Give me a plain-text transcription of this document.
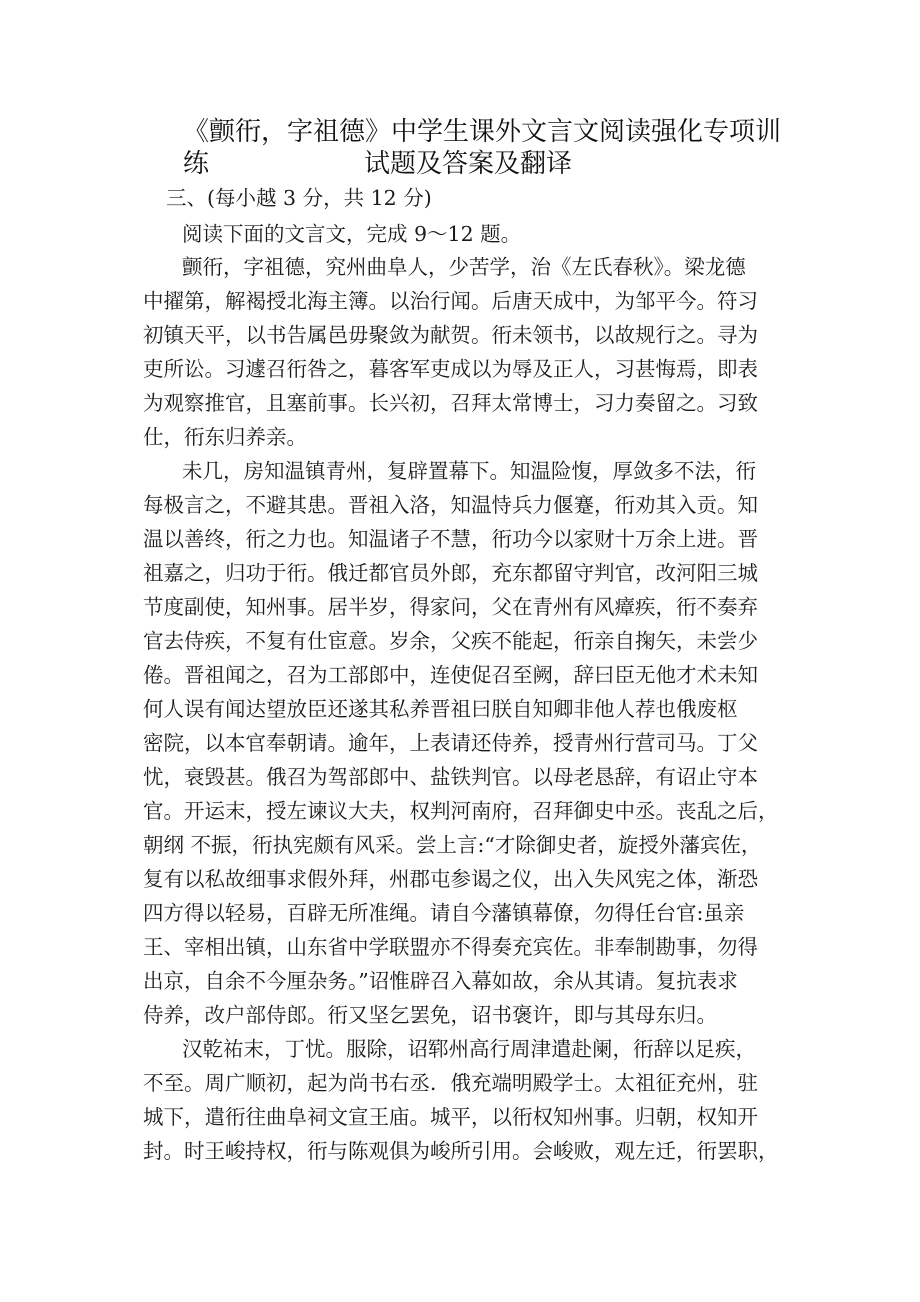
《颤衎，字祖德》中学生课外文言文阅读强化专项训练	试题及答案及翻译
三、(每小越 3 分，共 12 分)
阅读下面的文言文，完成 9～12 题。
颤衎，字祖德，究州曲阜人，少苦学，治《左氏春秋》。梁龙德
中擢第，解褐授北海主簿。以治行闻。后唐天成中，为邹平今。符习
初镇天平，以书告属邑毋聚敛为献贺。衎未领书，以故规行之。寻为
吏所讼。习遽召衎咎之，暮客军吏成以为辱及正人，习甚悔焉，即表
为观察推官，且塞前事。长兴初，召拜太常博士，习力奏留之。习致
仕，衎东归养亲。
未几，房知温镇青州，复辟置幕下。知温险愎，厚敛多不法，衎
每极言之，不避其患。晋祖入洛，知温恃兵力偃蹇，衎劝其入贡。知
温以善终，衎之力也。知温诸子不慧，衎功今以家财十万余上进。晋
祖嘉之，归功于衎。俄迁都官员外郎，充东都留守判官，改河阳三城
节度副使，知州事。居半岁，得家问，父在青州有风瘴疾，衎不奏弃
官去侍疾，不复有仕宦意。岁余，父疾不能起，衎亲自掬矢，未尝少
倦。晋祖闻之，召为工部郎中，连使促召至阙，辞曰臣无他才术未知
何人误有闻达望放臣还遂其私养晋祖曰朕自知卿非他人荐也俄废枢
密院，以本官奉朝请。逾年，上表请还侍养，授青州行营司马。丁父
忧，衰毁甚。俄召为驾部郎中、盐铁判官。以母老恳辞，有诏止守本
官。开运末，授左谏议大夫，权判河南府，召拜御史中丞。丧乱之后，
朝纲 不振，衎执宪颇有风采。尝上言:“才除御史者，旋授外藩宾佐，
复有以私故细事求假外拜，州郡屯参谒之仪，出入失风宪之体，渐恐
四方得以轻易，百辟无所准绳。请自今藩镇幕僚，勿得任台官:虽亲
王、宰相出镇，山东省中学联盟亦不得奏充宾佐。非奉制勘事，勿得
出京，自余不今厘杂务。”诏惟辟召入幕如故，余从其请。复抗表求
侍养，改户部侍郎。衎又坚乞罢免，诏书褒许，即与其母东归。
汉乾祐末，丁忧。服除，诏郓州高行周津遣赴阑，衎辞以足疾，
不至。周广顺初，起为尚书右丞．俄充端明殿学士。太祖征充州，驻
城下，遣衎往曲阜祠文宣王庙。城平，以衎权知州事。归朝，权知开
封。时王峻持权，衎与陈观俱为峻所引用。会峻败，观左迁，衎罢职，
